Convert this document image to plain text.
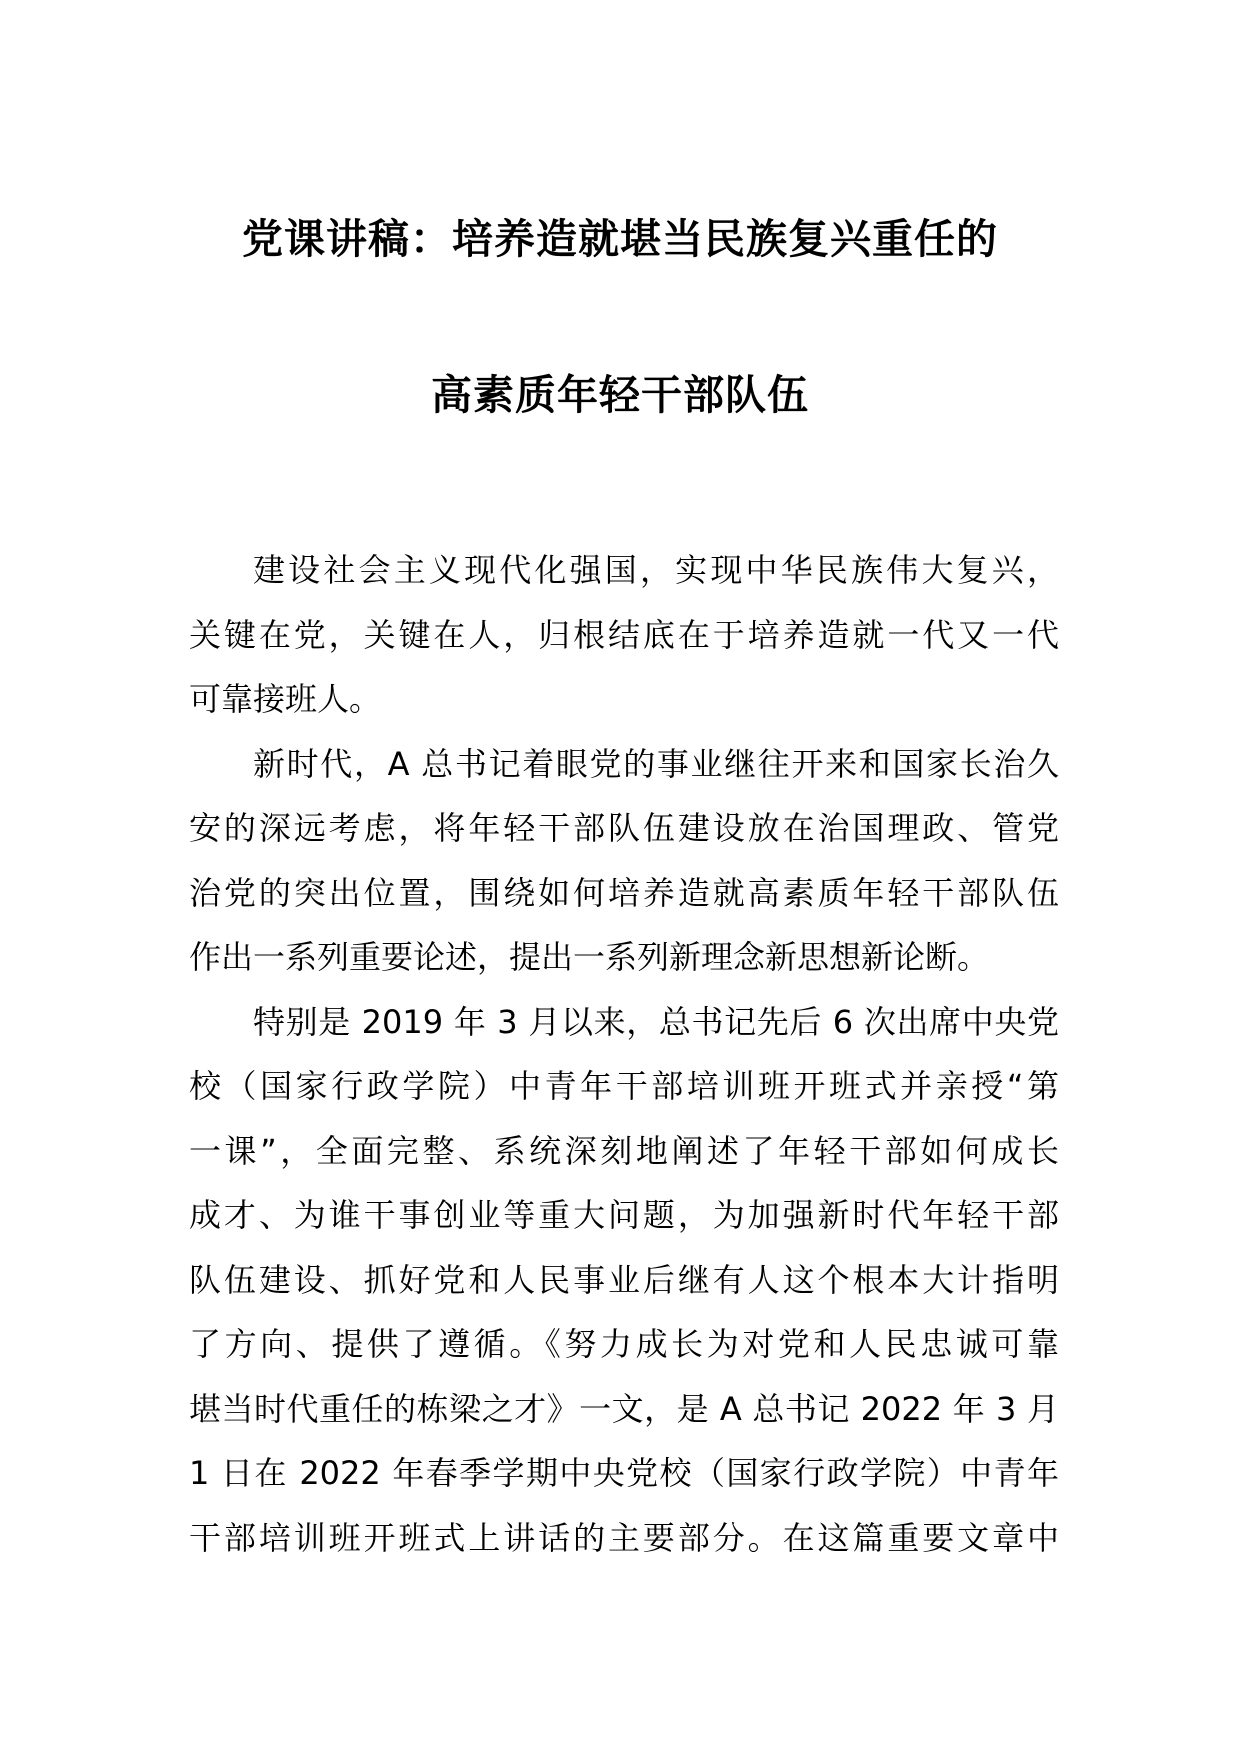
党课讲稿：培养造就堪当民族复兴重任的
高素质年轻干部队伍
建设社会主义现代化强国，实现中华民族伟大复兴，
关键在党，关键在人，归根结底在于培养造就一代又一代
可靠接班人。
新时代，A 总书记着眼党的事业继往开来和国家长治久
安的深远考虑，将年轻干部队伍建设放在治国理政、管党
治党的突出位置，围绕如何培养造就高素质年轻干部队伍
作出一系列重要论述，提出一系列新理念新思想新论断。
特别是 2019 年 3 月以来，总书记先后 6 次出席中央党
校（国家行政学院）中青年干部培训班开班式并亲授“第
一课”，全面完整、系统深刻地阐述了年轻干部如何成长
成才、为谁干事创业等重大问题，为加强新时代年轻干部
队伍建设、抓好党和人民事业后继有人这个根本大计指明
了方向、提供了遵循。《努力成长为对党和人民忠诚可靠
堪当时代重任的栋梁之才》一文，是 A 总书记 2022 年 3 月
1 日在 2022 年春季学期中央党校（国家行政学院）中青年
干部培训班开班式上讲话的主要部分。在这篇重要文章中
